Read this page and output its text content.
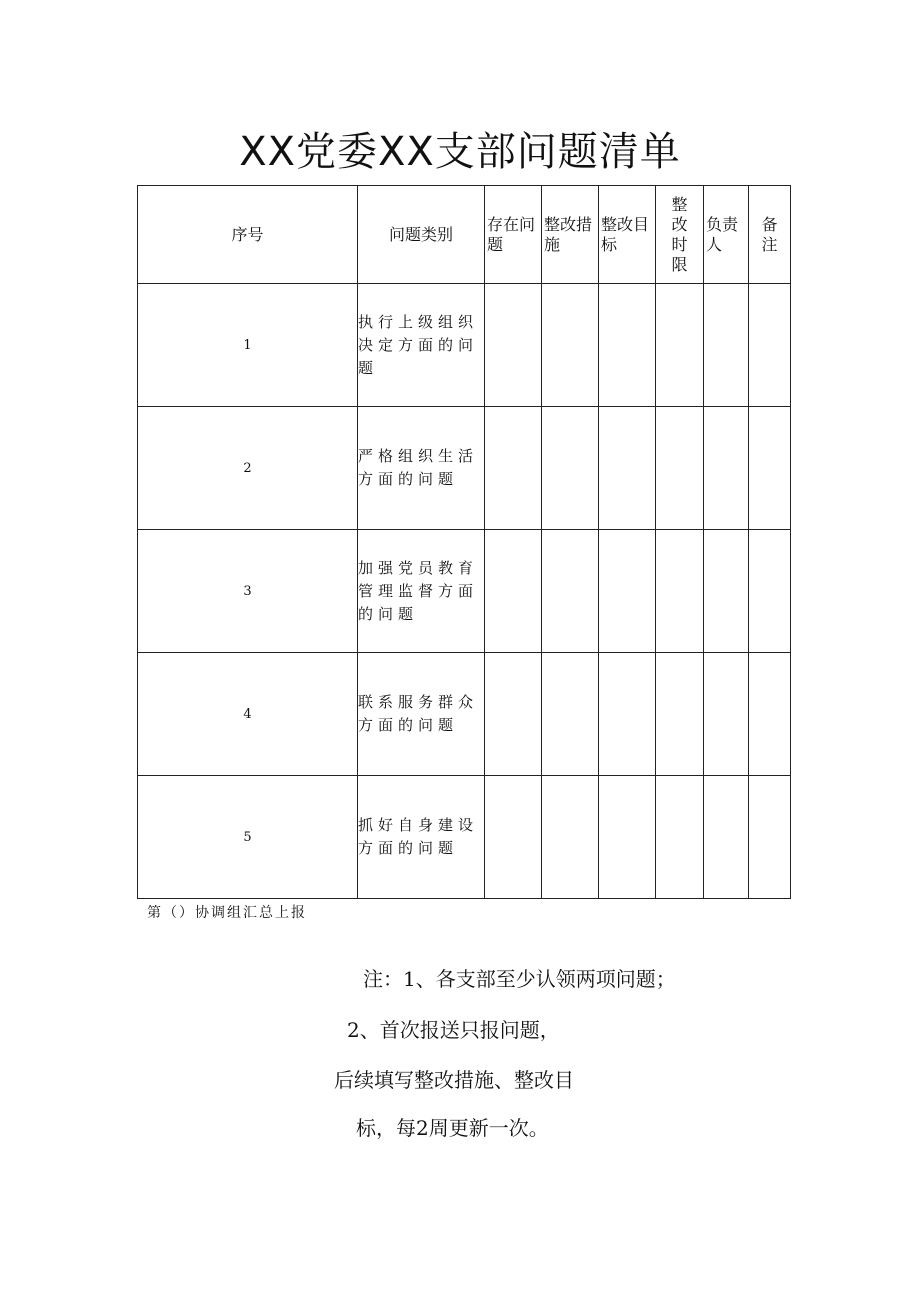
XX党委XX支部问题清单
序号	问题类别	存在问题	整改措施	整改目标	整改时限	负责人	备注
1	执行上级组织决定方面的问题						
2	严格组织生活方面的问题						
3	加强党员教育管理监督方面的问题						
4	联系服务群众方面的问题						
5	抓好自身建设方面的问题						

第（）协调组汇总上报

注：1、各支部至少认领两项问题；

2、首次报送只报问题，

后续填写整改措施、整改目

标，每2周更新一次。
